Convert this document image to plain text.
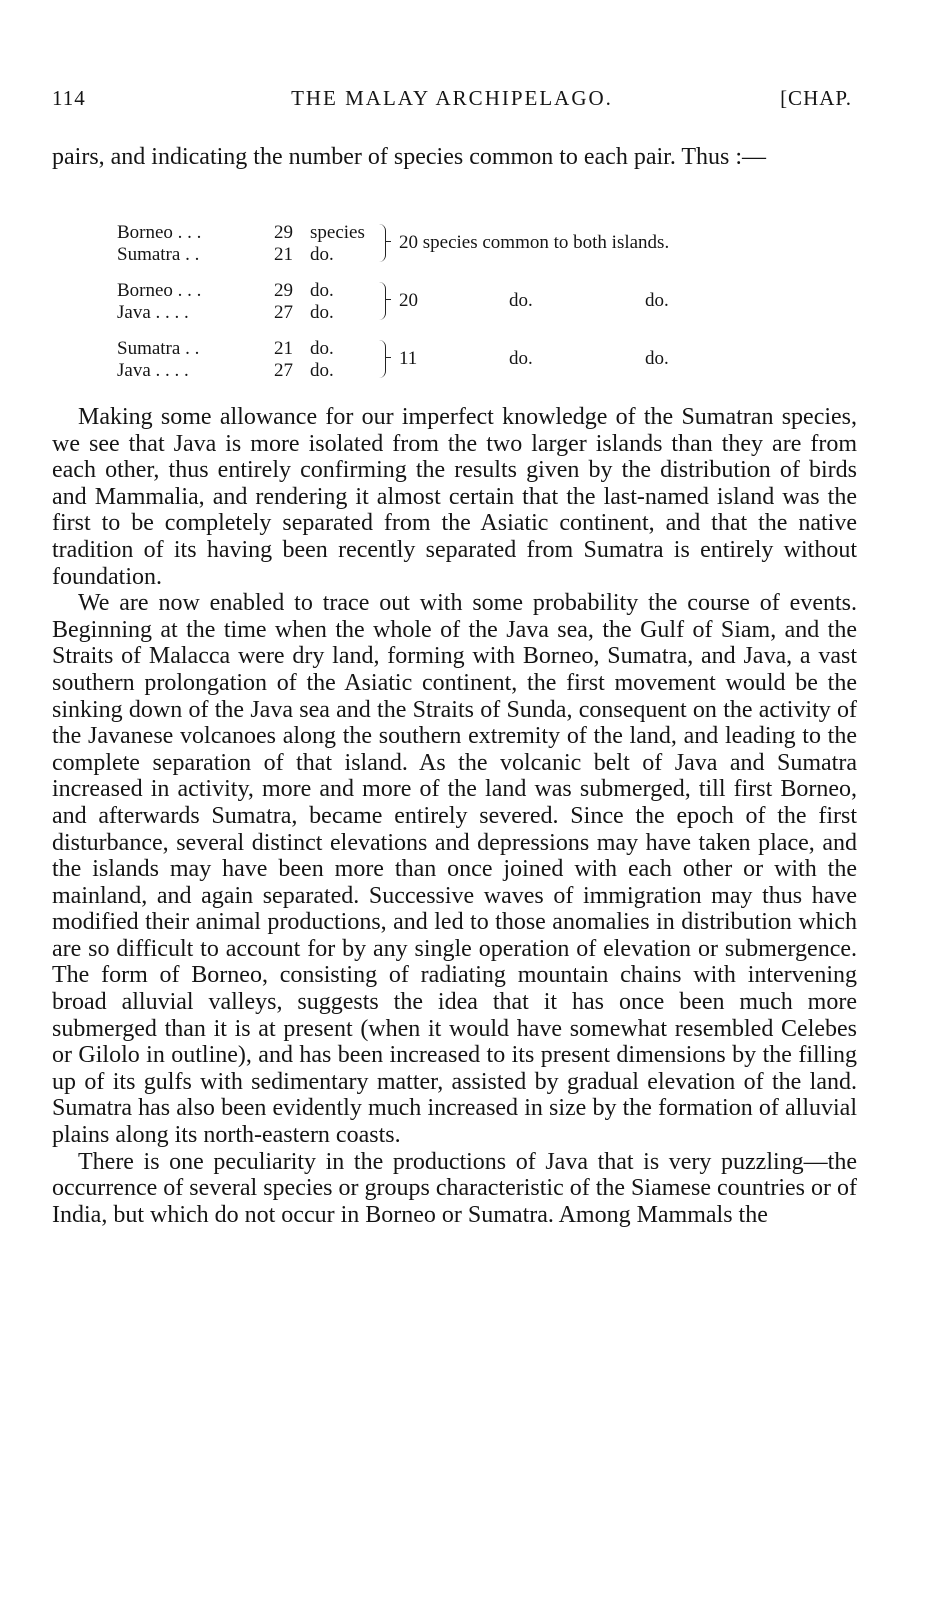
114	THE MALAY ARCHIPELAGO.	[CHAP.

pairs, and indicating the number of species common to each pair. Thus :—

Borneo . . .	29 species
Sumatra . .	21 do.
20 species common to both islands.
Borneo . . .	29 do.
Java . . . .	27 do.
20	do.	do.
Sumatra . .	21 do.
Java . . . .	27 do.
11	do.	do.

Making some allowance for our imperfect knowledge of the Sumatran species, we see that Java is more isolated from the two larger islands than they are from each other, thus entirely confirming the results given by the distribution of birds and Mammalia, and rendering it almost certain that the last-named island was the first to be completely separated from the Asiatic continent, and that the native tradition of its having been recently separated from Sumatra is entirely without foundation.

We are now enabled to trace out with some probability the course of events. Beginning at the time when the whole of the Java sea, the Gulf of Siam, and the Straits of Malacca were dry land, forming with Borneo, Sumatra, and Java, a vast southern prolongation of the Asiatic continent, the first movement would be the sinking down of the Java sea and the Straits of Sunda, consequent on the activity of the Javanese volcanoes along the southern extremity of the land, and leading to the complete separation of that island. As the volcanic belt of Java and Sumatra increased in activity, more and more of the land was submerged, till first Borneo, and afterwards Sumatra, became entirely severed. Since the epoch of the first disturbance, several distinct elevations and depressions may have taken place, and the islands may have been more than once joined with each other or with the mainland, and again separated. Successive waves of immigration may thus have modified their animal productions, and led to those anomalies in distribution which are so difficult to account for by any single operation of elevation or submergence. The form of Borneo, consisting of radiating mountain chains with intervening broad alluvial valleys, suggests the idea that it has once been much more submerged than it is at present (when it would have somewhat resembled Celebes or Gilolo in outline), and has been increased to its present dimensions by the filling up of its gulfs with sedimentary matter, assisted by gradual elevation of the land. Sumatra has also been evidently much increased in size by the formation of alluvial plains along its north-eastern coasts.

There is one peculiarity in the productions of Java that is very puzzling—the occurrence of several species or groups characteristic of the Siamese countries or of India, but which do not occur in Borneo or Sumatra. Among Mammals the
